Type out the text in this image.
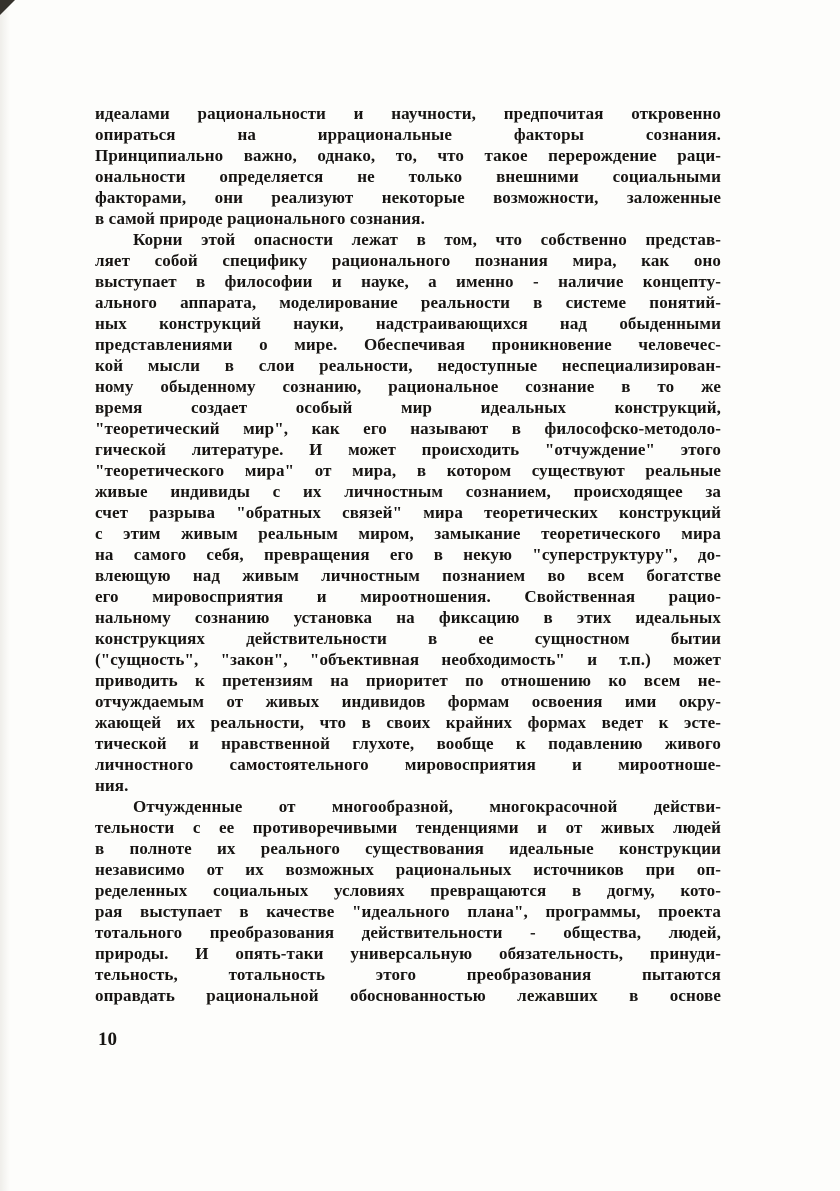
идеалами рациональности и научности, предпочитая откровенно
опираться на иррациональные факторы сознания.
Принципиально важно, однако, то, что такое перерождение раци-
ональности определяется не только внешними социальными
факторами, они реализуют некоторые возможности, заложенные
в самой природе рационального сознания.
Корни этой опасности лежат в том, что собственно представ-
ляет собой специфику рационального познания мира, как оно
выступает в философии и науке, а именно - наличие концепту-
ального аппарата, моделирование реальности в системе понятий-
ных конструкций науки, надстраивающихся над обыденными
представлениями о мире. Обеспечивая проникновение человечес-
кой мысли в слои реальности, недоступные неспециализирован-
ному обыденному сознанию, рациональное сознание в то же
время создает особый мир идеальных конструкций,
"теоретический мир", как его называют в философско-методоло-
гической литературе. И может происходить "отчуждение" этого
"теоретического мира" от мира, в котором существуют реальные
живые индивиды с их личностным сознанием, происходящее за
счет разрыва "обратных связей" мира теоретических конструкций
с этим живым реальным миром, замыкание теоретического мира
на самого себя, превращения его в некую "суперструктуру", до-
влеющую над живым личностным познанием во всем богатстве
его мировосприятия и мироотношения. Свойственная рацио-
нальному сознанию установка на фиксацию в этих идеальных
конструкциях действительности в ее сущностном бытии
("сущность", "закон", "объективная необходимость" и т.п.) может
приводить к претензиям на приоритет по отношению ко всем не-
отчуждаемым от живых индивидов формам освоения ими окру-
жающей их реальности, что в своих крайних формах ведет к эсте-
тической и нравственной глухоте, вообще к подавлению живого
личностного самостоятельного мировосприятия и мироотноше-
ния.
Отчужденные от многообразной, многокрасочной действи-
тельности с ее противоречивыми тенденциями и от живых людей
в полноте их реального существования идеальные конструкции
независимо от их возможных рациональных источников при оп-
ределенных социальных условиях превращаются в догму, кото-
рая выступает в качестве "идеального плана", программы, проекта
тотального преобразования действительности - общества, людей,
природы. И опять-таки универсальную обязательность, принуди-
тельность, тотальность этого преобразования пытаются
оправдать рациональной обоснованностью лежавших в основе
10
